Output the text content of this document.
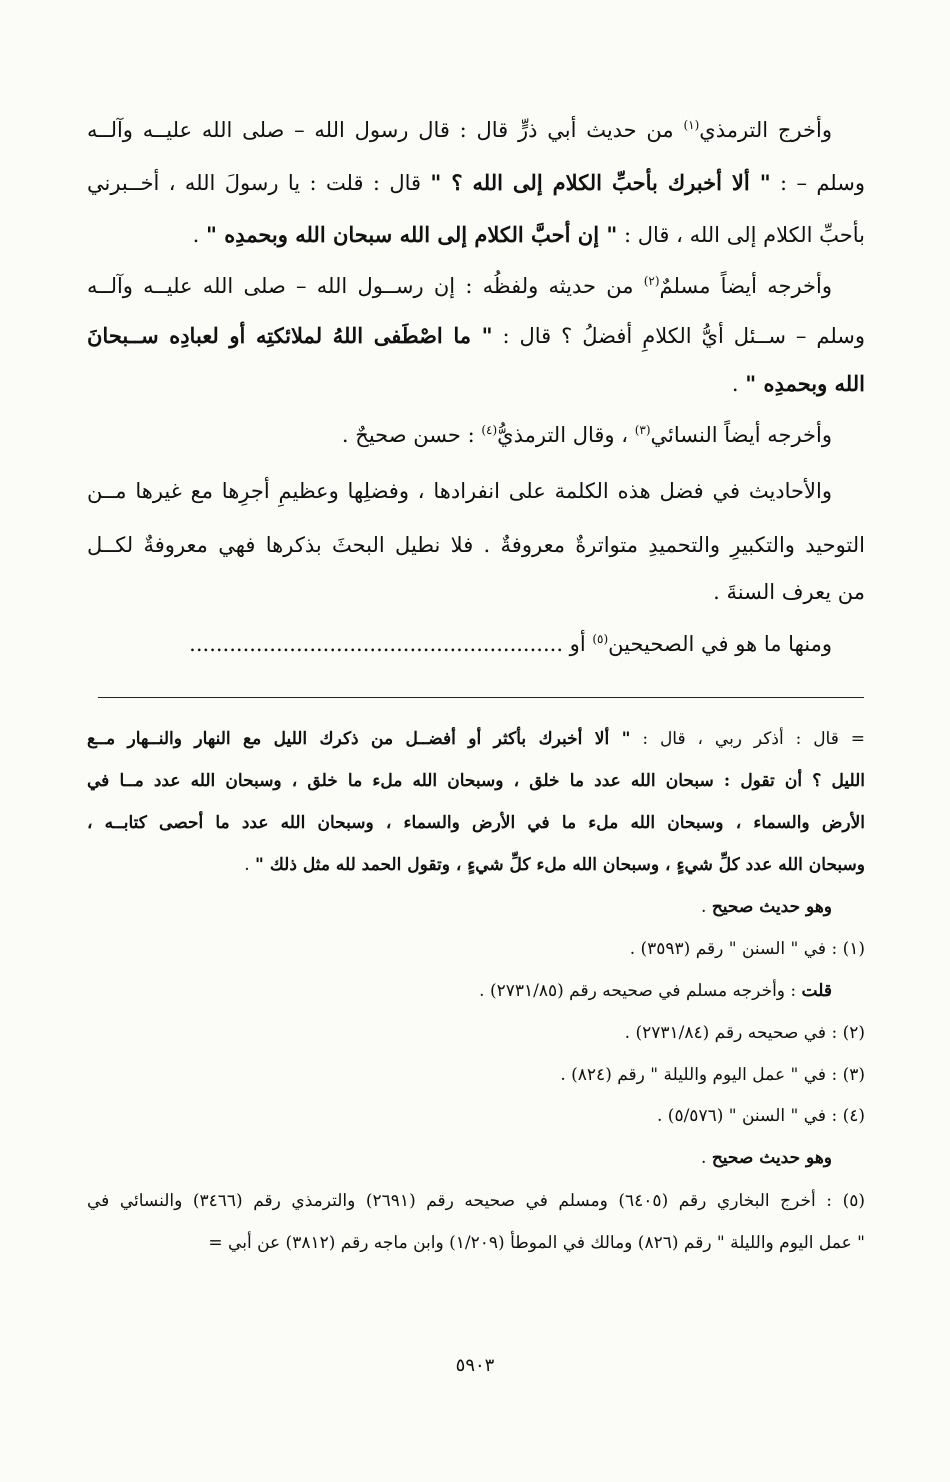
وأخرج الترمذي$^{(١)}$ من حديث أبي ذرٍّ قال : قال رسول الله – صلى الله عليــه وآلــه
وسلم – : " ألا أخبرك بأحبِّ الكلام إلى الله ؟ " قال : قلت : يا رسولَ الله ، أخــبرني
بأحبِّ الكلام إلى الله ، قال : " إن أحبَّ الكلام إلى الله سبحان الله وبحمدِه " .
وأخرجه أيضاً مسلمٌ$^{(٢)}$ من حديثه ولفظُه : إن رســول الله – صلى الله عليــه وآلــه
وسلم – ســئل أيُّ الكلامِ أفضلُ ؟ قال : " ما اصْطَفى اللهُ لملائكتِه أو لعبادِه ســبحانَ
الله وبحمدِه " .
وأخرجه أيضاً النسائي$^{(٣)}$ ، وقال الترمذيُّ$^{(٤)}$ : حسن صحيحٌ .
والأحاديث في فضل هذه الكلمة على انفرادها ، وفضلِها وعظيمِ أجرِها مع غيرها مــن
التوحيد والتكبيرِ والتحميدِ متواترةٌ معروفةٌ . فلا نطيل البحثَ بذكرها فهي معروفةٌ لكــل
من يعرف السنةَ .
ومنها ما هو في الصحيحين$^{(٥)}$ أو ........................................................
= قال : أذكر ربي ، قال : " ألا أخبرك بأكثر أو أفضــل من ذكرك الليل مع النهار والنــهار مــع
الليل ؟ أن تقول : سبحان الله عدد ما خلق ، وسبحان الله ملء ما خلق ، وسبحان الله عدد مــا في
الأرض والسماء ، وسبحان الله ملء ما في الأرض والسماء ، وسبحان الله عدد ما أحصى كتابــه ،
وسبحان الله عدد كلِّ شيءٍ ، وسبحان الله ملء كلِّ شيءٍ ، وتقول الحمد لله مثل ذلك " .
وهو حديث صحيح .
(١) : في " السنن " رقم (٣٥٩٣) .
قلت : وأخرجه مسلم في صحيحه رقم (٢٧٣١/٨٥) .
(٢) : في صحيحه رقم (٢٧٣١/٨٤) .
(٣) : في " عمل اليوم والليلة " رقم (٨٢٤) .
(٤) : في " السنن " (٥/٥٧٦) .
وهو حديث صحيح .
(٥) : أخرج البخاري رقم (٦٤٠٥) ومسلم في صحيحه رقم (٢٦٩١) والترمذي رقم (٣٤٦٦) والنسائي في
" عمل اليوم والليلة " رقم (٨٢٦) ومالك في الموطأ (١/٢٠٩) وابن ماجه رقم (٣٨١٢) عن أبي =
٥٩٠٣
